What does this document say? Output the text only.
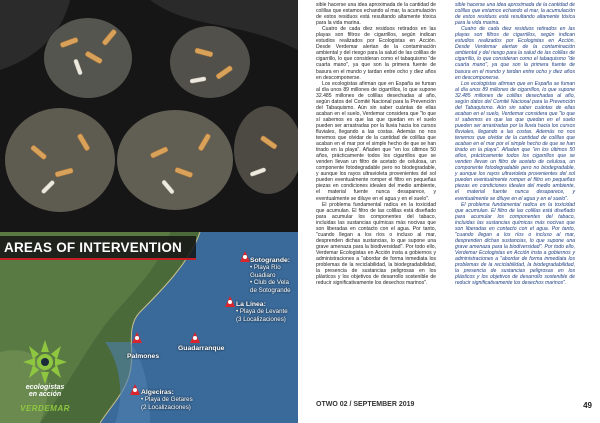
AREAS OF INTERVENTION
Sotogrande:
• Playa Río
Guadiaro
• Club de Vela
de Sotogrande
La Línea:
• Playa de Levante
(3 Localizaciones)
Palmones
Guadarranque
Algeciras:
• Playa de Getares
(2 Localizaciones)
ecologistas
en acción
VERDEMAR

sible hacerse una idea aproximada de la cantidad de colillas que estamos echando al mar, la acumulación de estos residuos está resultando altamente tóxica para la vida marina.

Cuatro de cada diez residuos retirados en las playas son filtros de cigarrillos, según indican estudios realizados por Ecologistas en Acción. Desde Verdemar alertan de la contaminación ambiental y del riesgo para la salud de las colillas de cigarrillo, lo que consideran como el tabaquismo "de cuarta mano", ya que son la primera fuente de basura en el mundo y tardan entre ocho y diez años en descomponerse.

Los ecologistas afirman que en España se fuman al día unos 89 millones de cigarrillos, lo que supone 32.485 millones de colillas desechadas al año, según datos del Comité Nacional para la Prevención del Tabaquismo. Aún sin saber cuántas de ellas acaban en el suelo, Verdemar considera que "lo que sí sabemos es que las que quedan en el suelo pueden ser arrastradas por la lluvia hacia los cursos fluviales, llegando a las costas. Además no nos tenemos que olvidar de la cantidad de colillas que acaban en el mar por el simple hecho de que se han tirado en la playa". Añaden que "en los últimos 50 años, prácticamente todos los cigarrillos que se venden llevan un filtro de acetato de celulosa, un componente fotodegradable pero no biodegradable, y aunque los rayos ultravioleta provenientes del sol pueden eventualmente romper el filtro en pequeñas piezas en condiciones ideales del medio ambiente, el material fuente nunca desaparece, y eventualmente se diluye en el agua y en el suelo".

El problema fundamental radica en la toxicidad que acumulan. El filtro de las colillas está diseñado para acumular los componentes del tabaco, incluidas las sustancias químicas más nocivas que son liberadas en contacto con el agua. Por tanto, "cuando llegan a los ríos o incluso al mar, desprenden dichas sustancias, lo que supone una grave amenaza para la biodiversidad". Por todo ello, Verdemar Ecologistas en Acción insta a gobiernos y administraciones a "abordar de forma inmediata los problemas de la reciclabilidad, la biodegradabilidad, la presencia de sustancias peligrosas en los plásticos y los objetivos de desarrollo sostenible de reducir significativamente los desechos marinos".

sible hacerse una idea aproximada de la cantidad de colillas que estamos echando al mar, la acumulación de estos residuos está resultando altamente tóxica para la vida marina.

Cuatro de cada diez residuos retirados en las playas son filtros de cigarrillos, según indican estudios realizados por Ecologistas en Acción. Desde Verdemar alertan de la contaminación ambiental y del riesgo para la salud de las colillas de cigarrillo, lo que consideran como el tabaquismo "de cuarta mano", ya que son la primera fuente de basura en el mundo y tardan entre ocho y diez años en descomponerse.

Los ecologistas afirman que en España se fuman al día unos 89 millones de cigarrillos, lo que supone 32.485 millones de colillas desechadas al año, según datos del Comité Nacional para la Prevención del Tabaquismo. Aún sin saber cuántas de ellas acaban en el suelo, Verdemar considera que "lo que sí sabemos es que las que quedan en el suelo pueden ser arrastradas por la lluvia hacia los cursos fluviales, llegando a las costas. Además no nos tenemos que olvidar de la cantidad de colillas que acaban en el mar por el simple hecho de que se han tirado en la playa". Añaden que "en los últimos 50 años, prácticamente todos los cigarrillos que se venden llevan un filtro de acetato de celulosa, un componente fotodegradable pero no biodegradable, y aunque los rayos ultravioleta provenientes del sol pueden eventualmente romper el filtro en pequeñas piezas en condiciones ideales del medio ambiente, el material fuente nunca desaparece, y eventualmente se diluye en el agua y en el suelo".

El problema fundamental radica en la toxicidad que acumulan. El filtro de las colillas está diseñado para acumular los componentes del tabaco, incluidas las sustancias químicas más nocivas que son liberadas en contacto con el agua. Por tanto, "cuando llegan a los ríos o incluso al mar, desprenden dichas sustancias, lo que supone una grave amenaza para la biodiversidad". Por todo ello, Verdemar Ecologistas en Acción insta a gobiernos y administraciones a "abordar de forma inmediata los problemas de la reciclabilidad, la biodegradabilidad, la presencia de sustancias peligrosas en los plásticos y los objetivos de desarrollo sostenible de reducir significativamente los desechos marinos".

OTWO 02 / SEPTEMBER 2019	49
